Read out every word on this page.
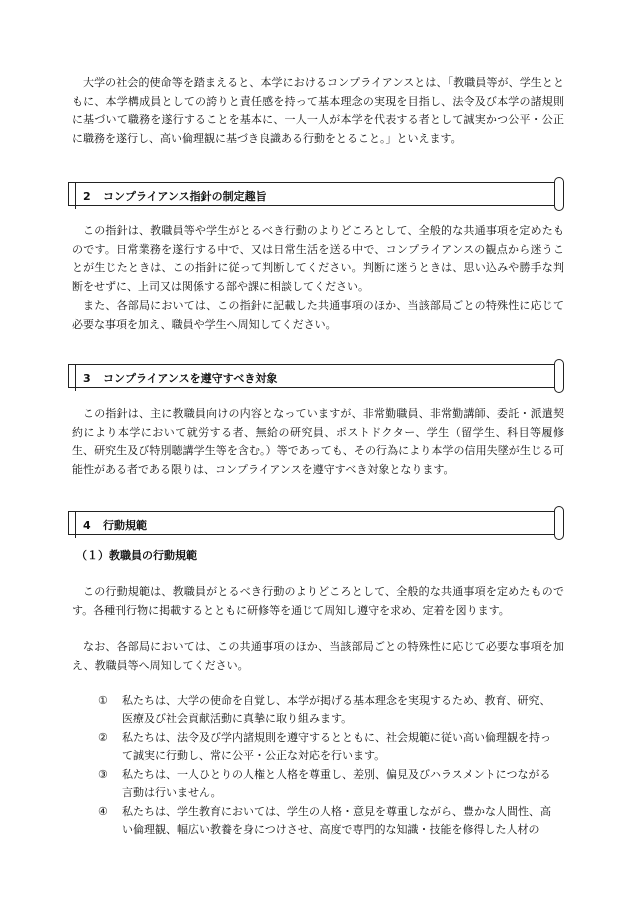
大学の社会的使命等を踏まえると、本学におけるコンプライアンスとは、「教職員等が、学生とともに、本学構成員としての誇りと責任感を持って基本理念の実現を目指し、法令及び本学の諸規則に基づいて職務を遂行することを基本に、一人一人が本学を代表する者として誠実かつ公平・公正に職務を遂行し、高い倫理観に基づき良識ある行動をとること。」といえます。

2 コンプライアンス指針の制定趣旨

この指針は、教職員等や学生がとるべき行動のよりどころとして、全般的な共通事項を定めたものです。日常業務を遂行する中で、又は日常生活を送る中で、コンプライアンスの観点から迷うことが生じたときは、この指針に従って判断してください。判断に迷うときは、思い込みや勝手な判断をせずに、上司又は関係する部や課に相談してください。

また、各部局においては、この指針に記載した共通事項のほか、当該部局ごとの特殊性に応じて必要な事項を加え、職員や学生へ周知してください。

3 コンプライアンスを遵守すべき対象

この指針は、主に教職員向けの内容となっていますが、非常勤職員、非常勤講師、委託・派遣契約により本学において就労する者、無給の研究員、ポストドクター、学生（留学生、科目等履修生、研究生及び特別聴講学生等を含む。）等であっても、その行為により本学の信用失墜が生じる可能性がある者である限りは、コンプライアンスを遵守すべき対象となります。

4 行動規範
（１）教職員の行動規範

この行動規範は、教職員がとるべき行動のよりどころとして、全般的な共通事項を定めたものです。各種刊行物に掲載するとともに研修等を通じて周知し遵守を求め、定着を図ります。

なお、各部局においては、この共通事項のほか、当該部局ごとの特殊性に応じて必要な事項を加え、教職員等へ周知してください。

①	私たちは、大学の使命を自覚し、本学が掲げる基本理念を実現するため、教育、研究、医療及び社会貢献活動に真摯に取り組みます。
②	私たちは、法令及び学内諸規則を遵守するとともに、社会規範に従い高い倫理観を持って誠実に行動し、常に公平・公正な対応を行います。
③	私たちは、一人ひとりの人権と人格を尊重し、差別、偏見及びハラスメントにつながる言動は行いません。
④	私たちは、学生教育においては、学生の人格・意見を尊重しながら、豊かな人間性、高い倫理観、幅広い教養を身につけさせ、高度で専門的な知識・技能を修得した人材の
